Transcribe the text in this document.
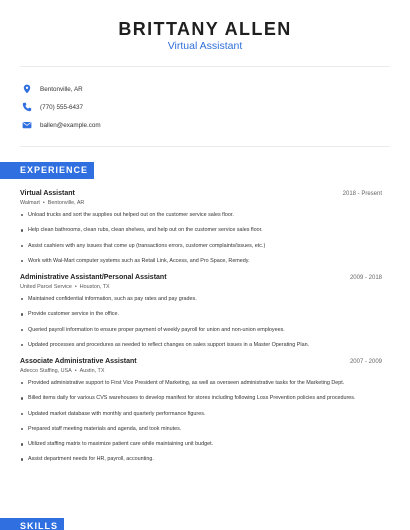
BRITTANY ALLEN
Virtual Assistant
Bentonville, AR
(770) 555-6437
ballen@example.com
EXPERIENCE
Virtual Assistant	2018 - Present
Walmart • Bentonville, AR
Unload trucks and sort the supplies out helped out on the customer service sales floor.
Help clean bathrooms, clean rubs, clean shelves, and help out on the customer service sales floor.
Assist cashiers with any issues that come up (transactions errors, customer complaints/issues, etc.)
Work with Wal-Mart computer systems such as Retail Link, Access, and Pro Space, Remedy.
Administrative Assistant/Personal Assistant	2009 - 2018
United Parcel Service • Houston, TX
Maintained confidential information, such as pay rates and pay grades.
Provide customer service in the office.
Queried payroll information to ensure proper payment of weekly payroll for union and non-union employees.
Updated processes and procedures as needed to reflect changes on sales support issues in a Master Operating Plan.
Associate Administrative Assistant	2007 - 2009
Adecco Staffing, USA • Austin, TX
Provided administrative support to First Vice President of Marketing, as well as overseen administrative tasks for the Marketing Dept.
Billed items daily for various CVS warehouses to develop manifest for stores including following Loss Prevention policies and procedures.
Updated market database with monthly and quarterly performance figures.
Prepared staff meeting materials and agenda, and took minutes.
Utilized staffing matrix to maximize patient care while maintaining unit budget.
Assist department needs for HR, payroll, accounting.
SKILLS
